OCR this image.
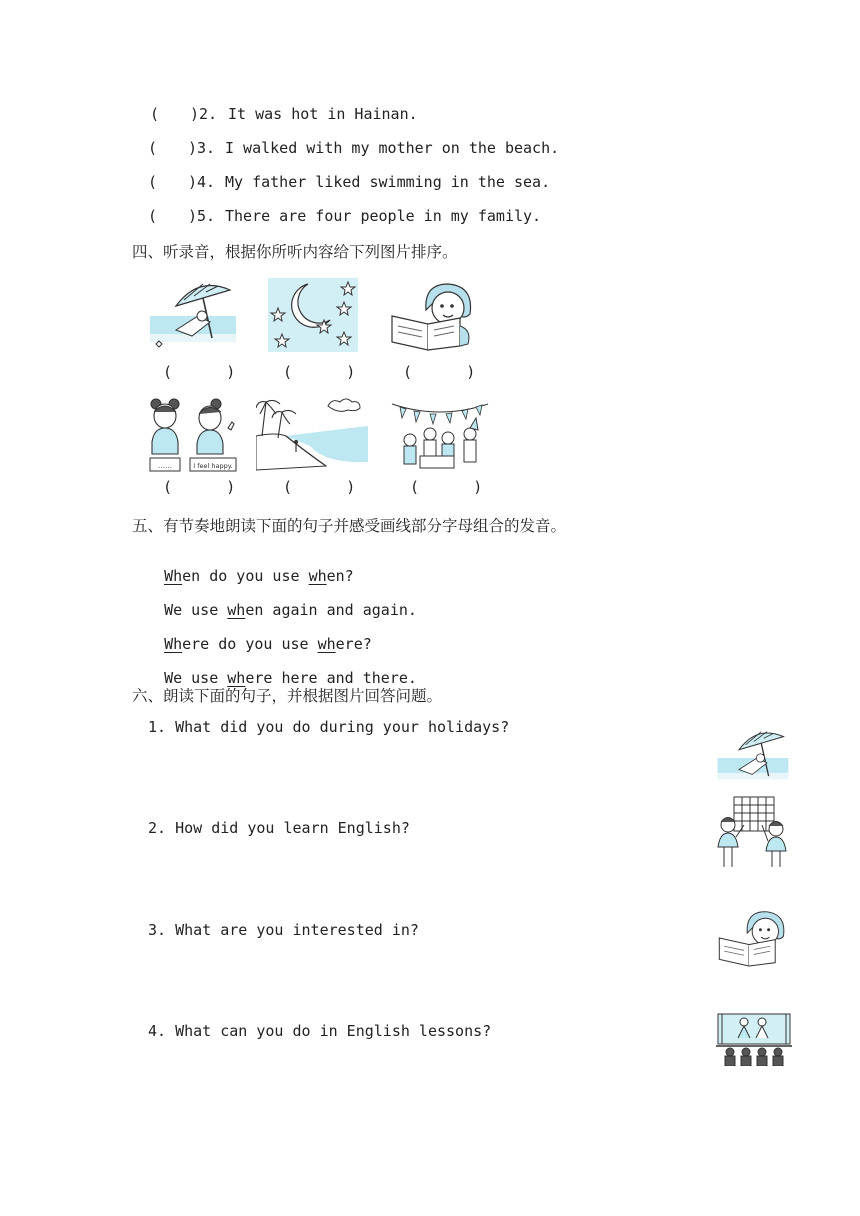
( )2. It was hot in Hainan.
( )3. I walked with my mother on the beach.
( )4. My father liked swimming in the sea.
( )5. There are four people in my family.
四、听录音，根据你所听内容给下列图片排序。
(      )	(      )	(      )
……	I feel happy.
(      )	(      )	(      )
五、有节奏地朗读下面的句子并感受画线部分字母组合的发音。

When do you use when?

We use when again and again.

Where do you use where?

We use where here and there.

六、朗读下面的句子，并根据图片回答问题。
1. What did you do during your holidays?
2. How did you learn English?
3. What are you interested in?
4. What can you do in English lessons?
